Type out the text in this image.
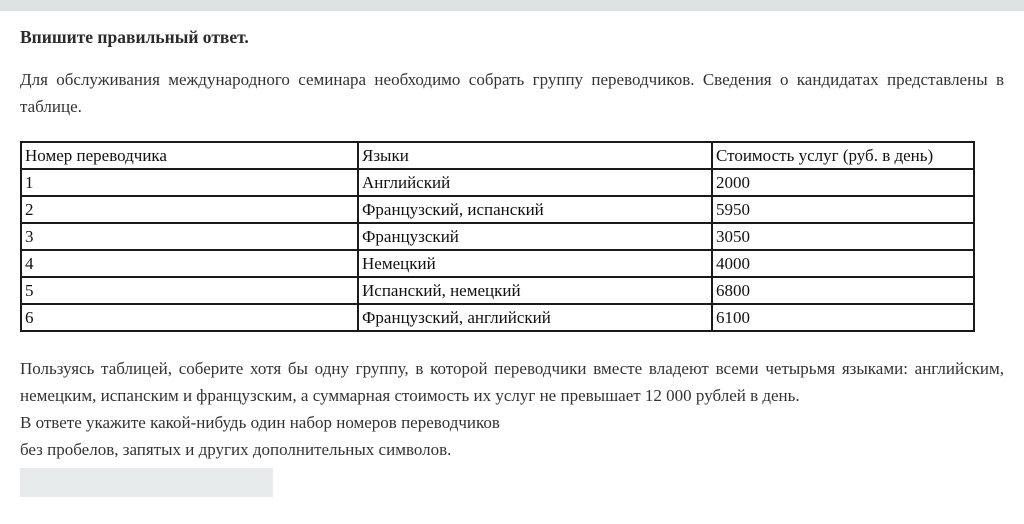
Впишите правильный ответ.

Для обслуживания международного семинара необходимо собрать группу переводчиков. Сведения о кандидатах представлены в таблице.

Номер переводчика	Языки	Стоимость услуг (руб. в день)
1	Английский	2000
2	Французский, испанский	5950
3	Французский	3050
4	Немецкий	4000
5	Испанский, немецкий	6800
6	Французский, английский	6100

Пользуясь таблицей, соберите хотя бы одну группу, в которой переводчики вместе владеют всеми четырьмя языками: английским, немецким, испанским и французским, а суммарная стоимость их услуг не превышает 12 000 рублей в день.
В ответе укажите какой-нибудь один набор номеров переводчиков
без пробелов, запятых и других дополнительных символов.
